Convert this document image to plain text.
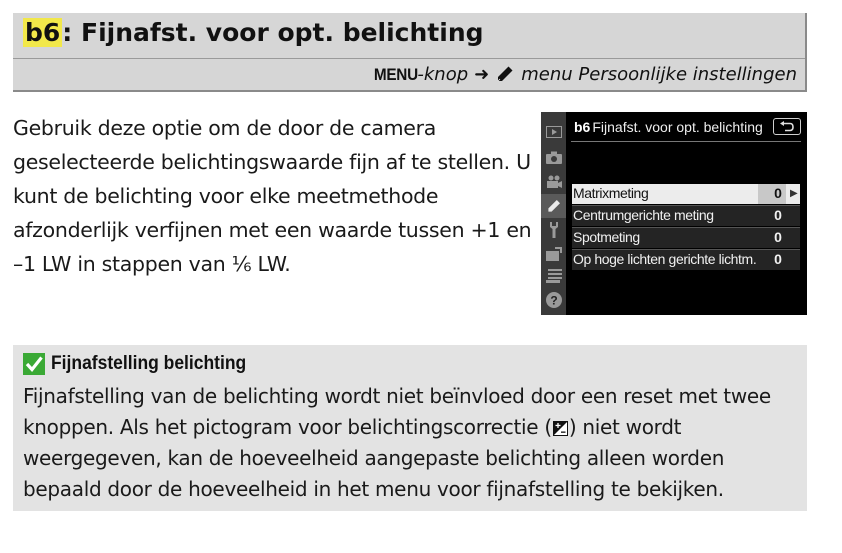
b6: Fijnafst. voor opt. belichting
MENU-knop ➜ menu Persoonlijke instellingen

Gebruik deze optie om de door de camera geselecteerde belichtingswaarde fijn af te stellen. U kunt de belichting voor elke meetmethode afzonderlijk verfijnen met een waarde tussen +1 en –1 LW in stappen van ⅙ LW.

?
b6 Fijnafst. voor opt. belichting
Matrixmeting	0 ▶
Centrumgerichte meting	0
Spotmeting	0
Op hoge lichten gerichte lichtm.	0
Fijnafstelling belichting

Fijnafstelling van de belichting wordt niet beïnvloed door een reset met twee knoppen. Als het pictogram voor belichtingscorrectie ( ) niet wordt weergegeven, kan de hoeveelheid aangepaste belichting alleen worden bepaald door de hoeveelheid in het menu voor fijnafstelling te bekijken.
